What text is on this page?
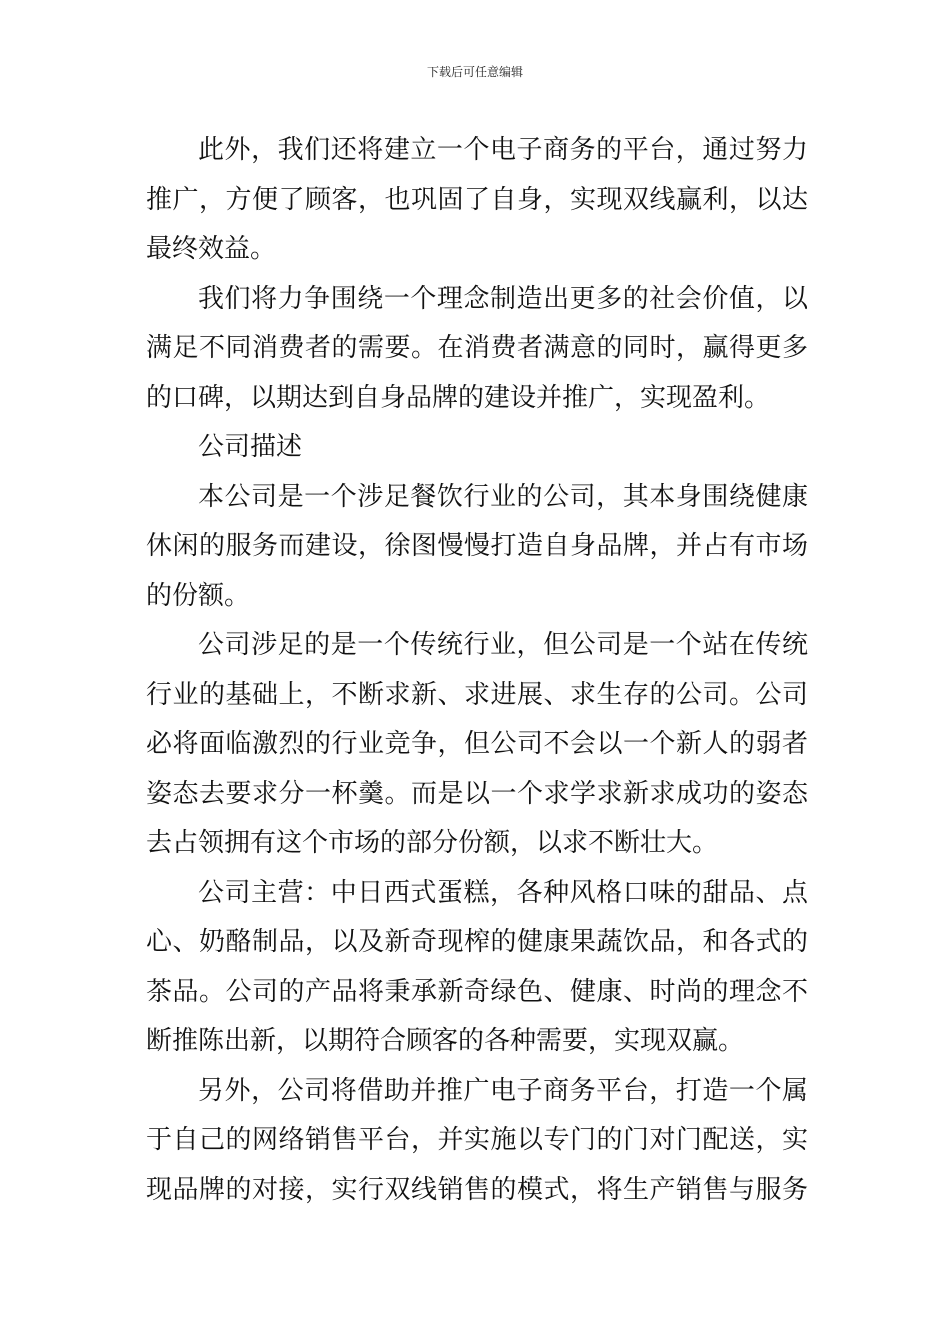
下载后可任意编辑
此外，我们还将建立一个电子商务的平台，通过努力
推广，方便了顾客，也巩固了自身，实现双线赢利，以达
最终效益。
我们将力争围绕一个理念制造出更多的社会价值，以
满足不同消费者的需要。在消费者满意的同时，赢得更多
的口碑，以期达到自身品牌的建设并推广，实现盈利。
公司描述
本公司是一个涉足餐饮行业的公司，其本身围绕健康
休闲的服务而建设，徐图慢慢打造自身品牌，并占有市场
的份额。
公司涉足的是一个传统行业，但公司是一个站在传统
行业的基础上，不断求新、求进展、求生存的公司。公司
必将面临激烈的行业竞争，但公司不会以一个新人的弱者
姿态去要求分一杯羹。而是以一个求学求新求成功的姿态
去占领拥有这个市场的部分份额，以求不断壮大。
公司主营：中日西式蛋糕，各种风格口味的甜品、点
心、奶酪制品，以及新奇现榨的健康果蔬饮品，和各式的
茶品。公司的产品将秉承新奇绿色、健康、时尚的理念不
断推陈出新，以期符合顾客的各种需要，实现双赢。
另外，公司将借助并推广电子商务平台，打造一个属
于自己的网络销售平台，并实施以专门的门对门配送，实
现品牌的对接，实行双线销售的模式，将生产销售与服务
